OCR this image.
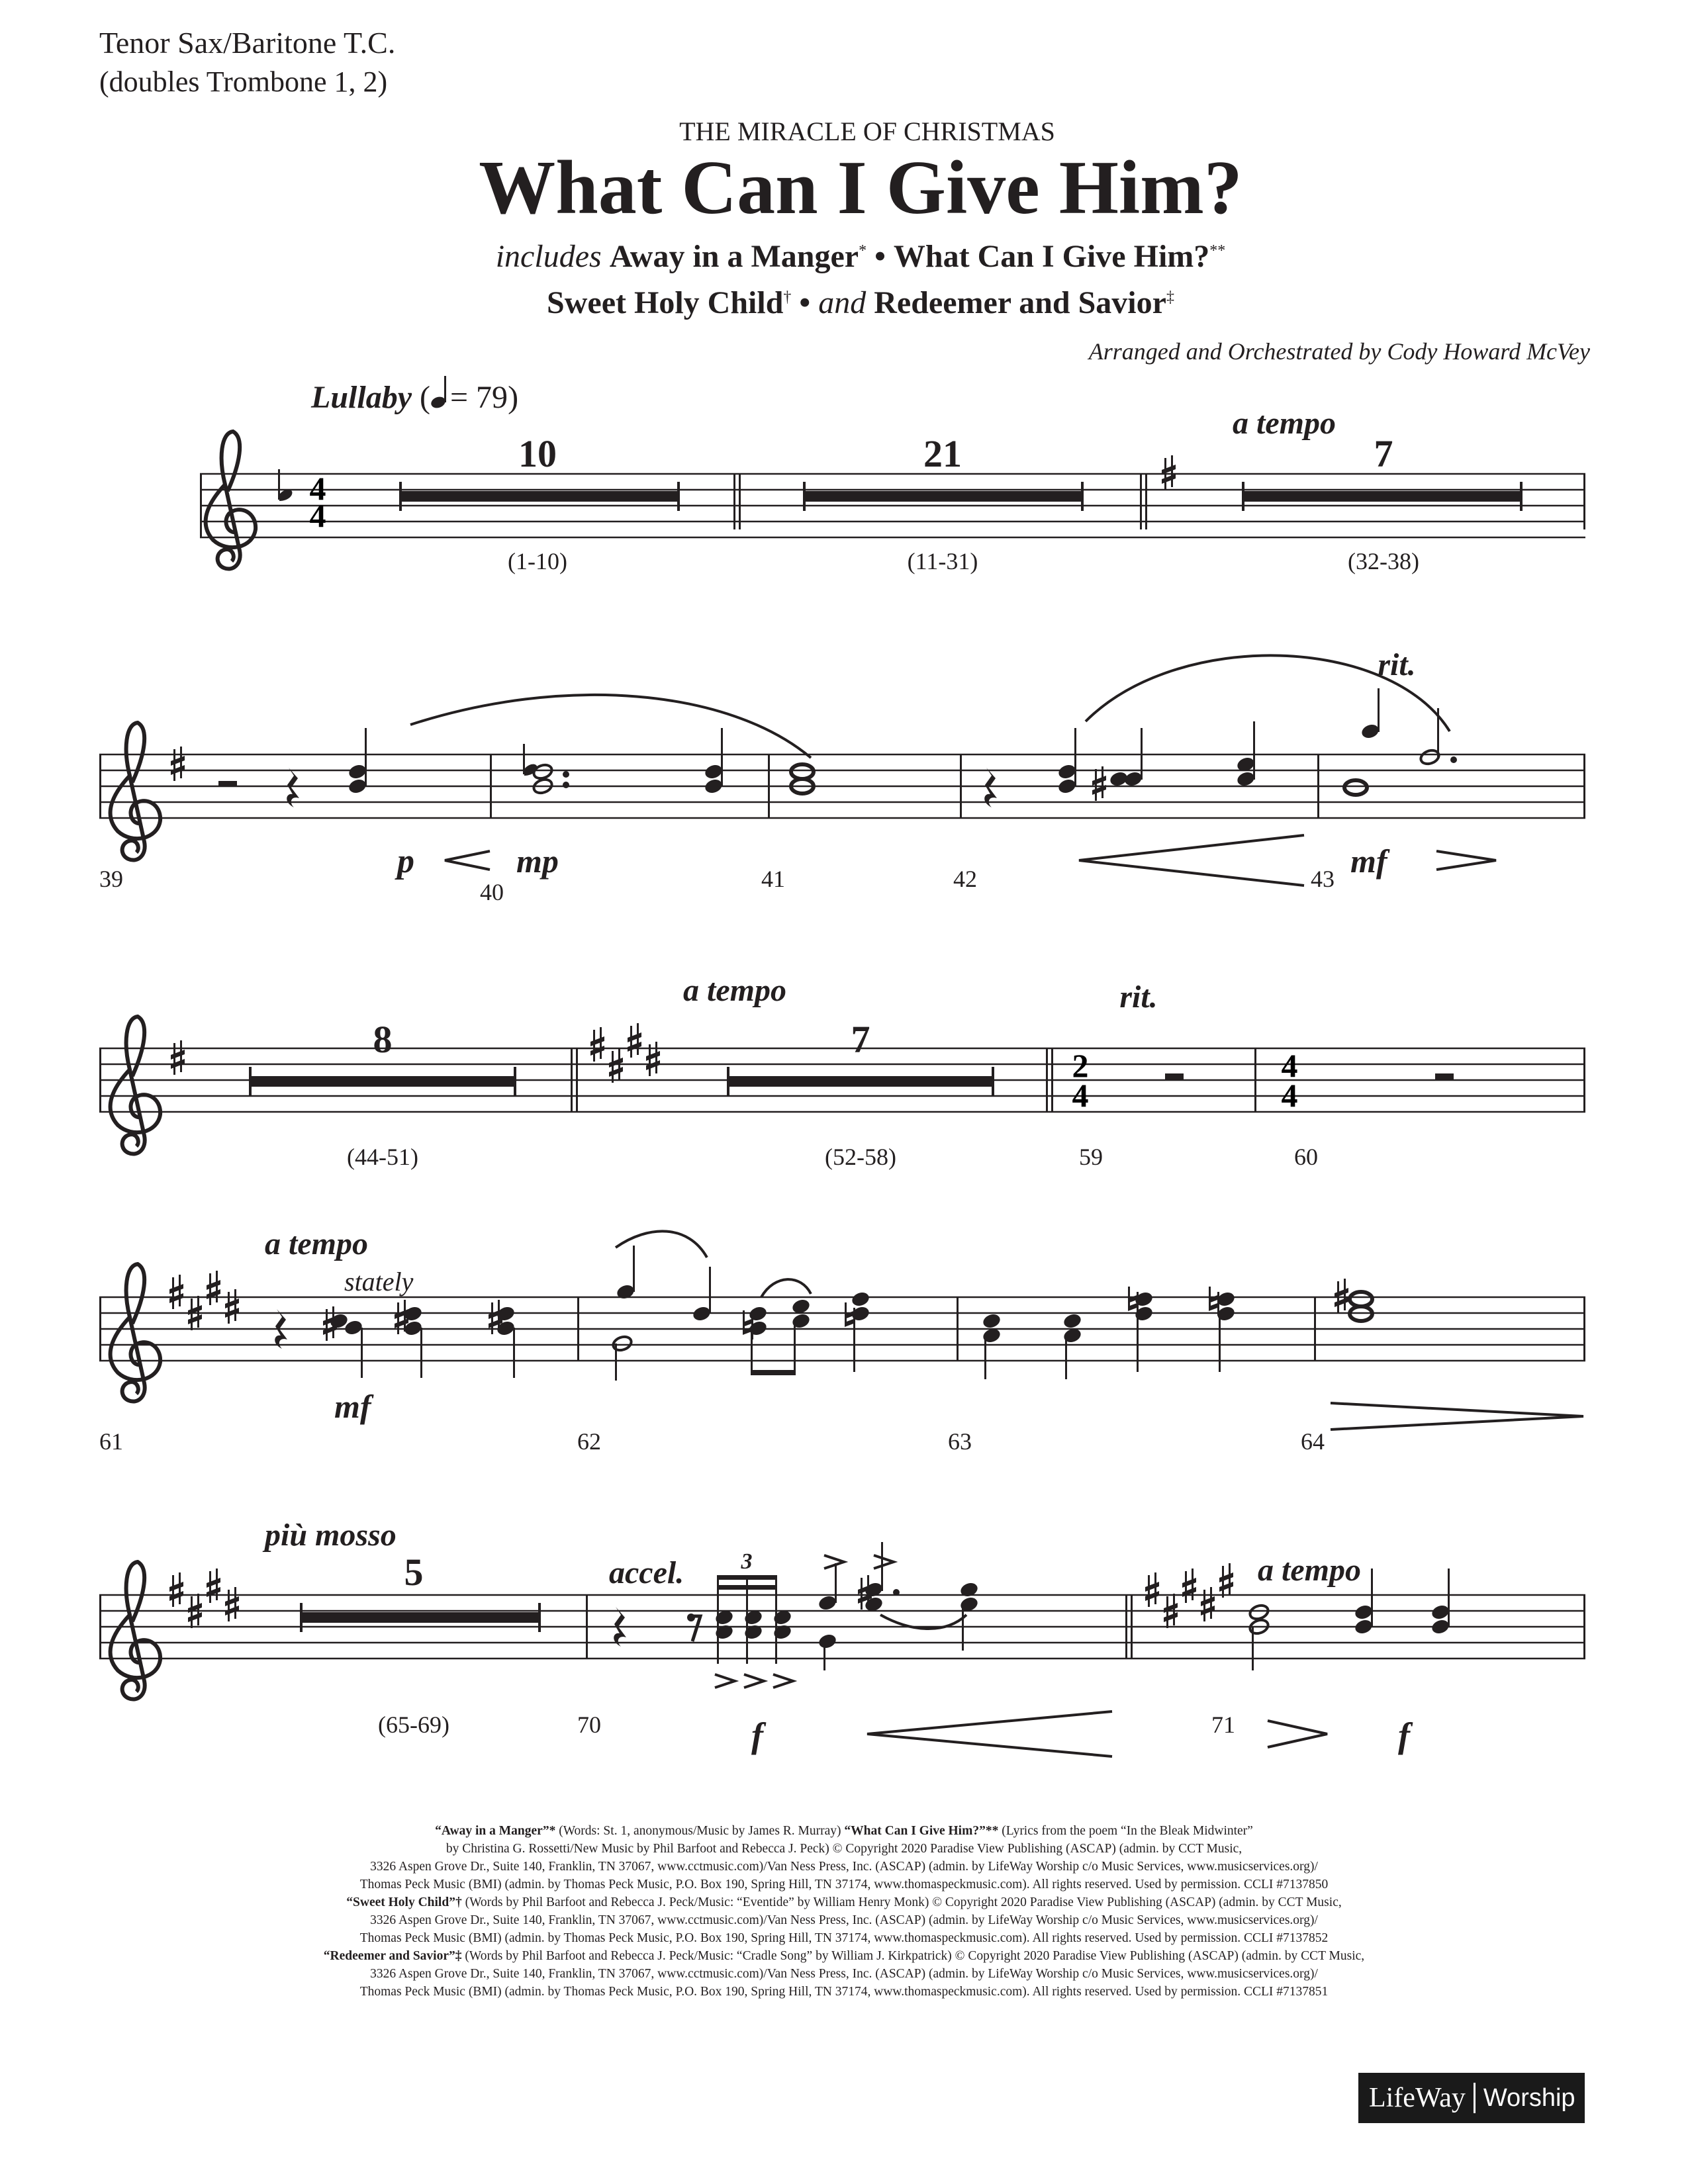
Tenor Sax/Baritone T.C.
(doubles Trombone 1, 2)
THE MIRACLE OF CHRISTMAS
What Can I Give Him?
includes Away in a Manger* • What Can I Give Him?**
Sweet Holy Child† • and Redeemer and Savior‡
Arranged and Orchestrated by Cody Howard McVey
Lullaby ( = 79)
4
4
2
4
4
4
10
(1-10)
21
(11-31)
7
(32-38)
a tempo
rit.
39	40	41	42	43
p	mp	mf
8
(44-51)
7
(52-58)
a tempo	rit.
59	60
a tempo
stately
mf
61	62	63	64
più mosso
5
(65-69)
accel.	3	a tempo
70	71
f	f
“Away in a Manger”* (Words: St. 1, anonymous/Music by James R. Murray) “What Can I Give Him?”** (Lyrics from the poem “In the Bleak Midwinter”
by Christina G. Rossetti/New Music by Phil Barfoot and Rebecca J. Peck) © Copyright 2020 Paradise View Publishing (ASCAP) (admin. by CCT Music,
3326 Aspen Grove Dr., Suite 140, Franklin, TN 37067, www.cctmusic.com)/Van Ness Press, Inc. (ASCAP) (admin. by LifeWay Worship c/o Music Services, www.musicservices.org)/
Thomas Peck Music (BMI) (admin. by Thomas Peck Music, P.O. Box 190, Spring Hill, TN 37174, www.thomaspeckmusic.com). All rights reserved. Used by permission. CCLI #7137850
“Sweet Holy Child”† (Words by Phil Barfoot and Rebecca J. Peck/Music: “Eventide” by William Henry Monk) © Copyright 2020 Paradise View Publishing (ASCAP) (admin. by CCT Music,
3326 Aspen Grove Dr., Suite 140, Franklin, TN 37067, www.cctmusic.com)/Van Ness Press, Inc. (ASCAP) (admin. by LifeWay Worship c/o Music Services, www.musicservices.org)/
Thomas Peck Music (BMI) (admin. by Thomas Peck Music, P.O. Box 190, Spring Hill, TN 37174, www.thomaspeckmusic.com). All rights reserved. Used by permission. CCLI #7137852
“Redeemer and Savior”‡ (Words by Phil Barfoot and Rebecca J. Peck/Music: “Cradle Song” by William J. Kirkpatrick) © Copyright 2020 Paradise View Publishing (ASCAP) (admin. by CCT Music,
3326 Aspen Grove Dr., Suite 140, Franklin, TN 37067, www.cctmusic.com)/Van Ness Press, Inc. (ASCAP) (admin. by LifeWay Worship c/o Music Services, www.musicservices.org)/
Thomas Peck Music (BMI) (admin. by Thomas Peck Music, P.O. Box 190, Spring Hill, TN 37174, www.thomaspeckmusic.com). All rights reserved. Used by permission. CCLI #7137851
LifeWay Worship
